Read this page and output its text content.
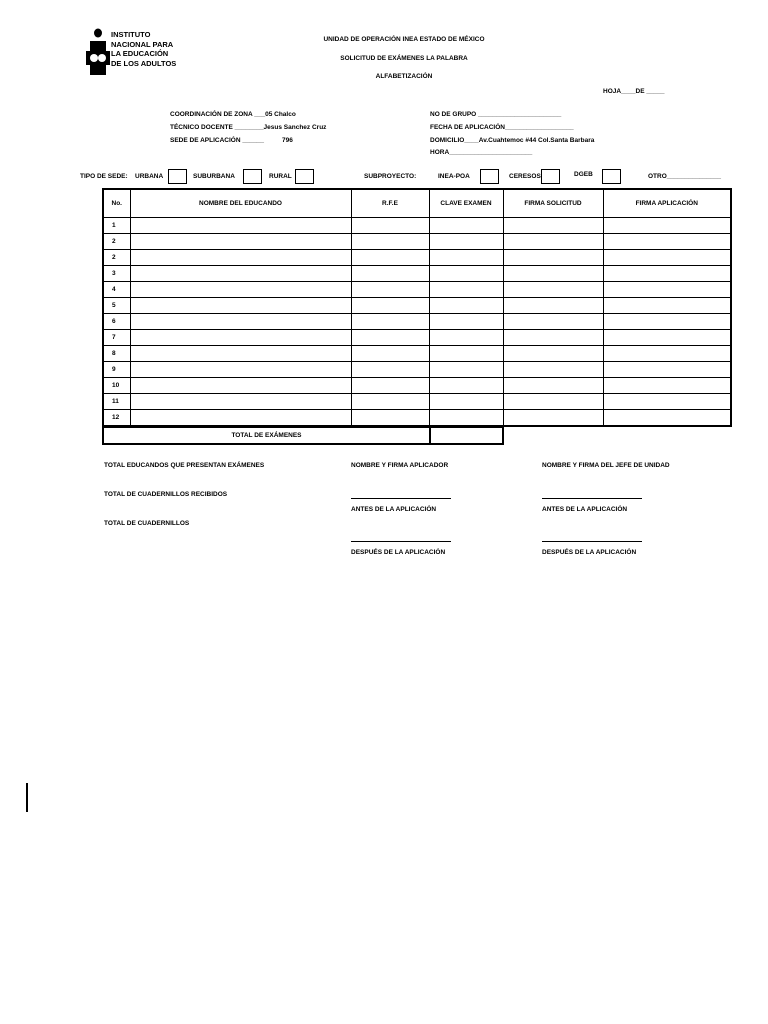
INSTITUTO
NACIONAL PARA
LA EDUCACIÓN
DE LOS ADULTOS
UNIDAD DE OPERACIÓN INEA ESTADO DE MÉXICO
SOLICITUD DE EXÁMENES LA PALABRA
ALFABETIZACIÓN
HOJA____DE _____
COORDINACIÓN DE ZONA ___05 Chalco
TÉCNICO DOCENTE ________Jesus Sanchez Cruz
SEDE DE APLICACIÓN ______	796
NO DE GRUPO _______________________
FECHA DE APLICACIÓN___________________
DOMICILIO____Av.Cuahtemoc #44 Col.Santa Barbara
HORA_______________________
TIPO DE SEDE: URBANA	SUBURBANA	RURAL	SUBPROYECTO:	INEA-POA	CERESOS	DGEB	OTRO_______________
No.	NOMBRE DEL EDUCANDO	R.F.E	CLAVE EXAMEN	FIRMA SOLICITUD	FIRMA APLICACIÓN
1					
2					
2					
3					
4					
5					
6					
7					
8					
9					
10					
11					
12					
TOTAL DE EXÁMENES
TOTAL EDUCANDOS QUE PRESENTAN EXÁMENES
TOTAL DE CUADERNILLOS RECIBIDOS
TOTAL DE CUADERNILLOS
NOMBRE Y FIRMA APLICADOR
ANTES DE LA APLICACIÓN
DESPUÉS DE LA APLICACIÓN
NOMBRE Y FIRMA DEL JEFE DE UNIDAD
ANTES DE LA APLICACIÓN
DESPUÉS DE LA APLICACIÓN
